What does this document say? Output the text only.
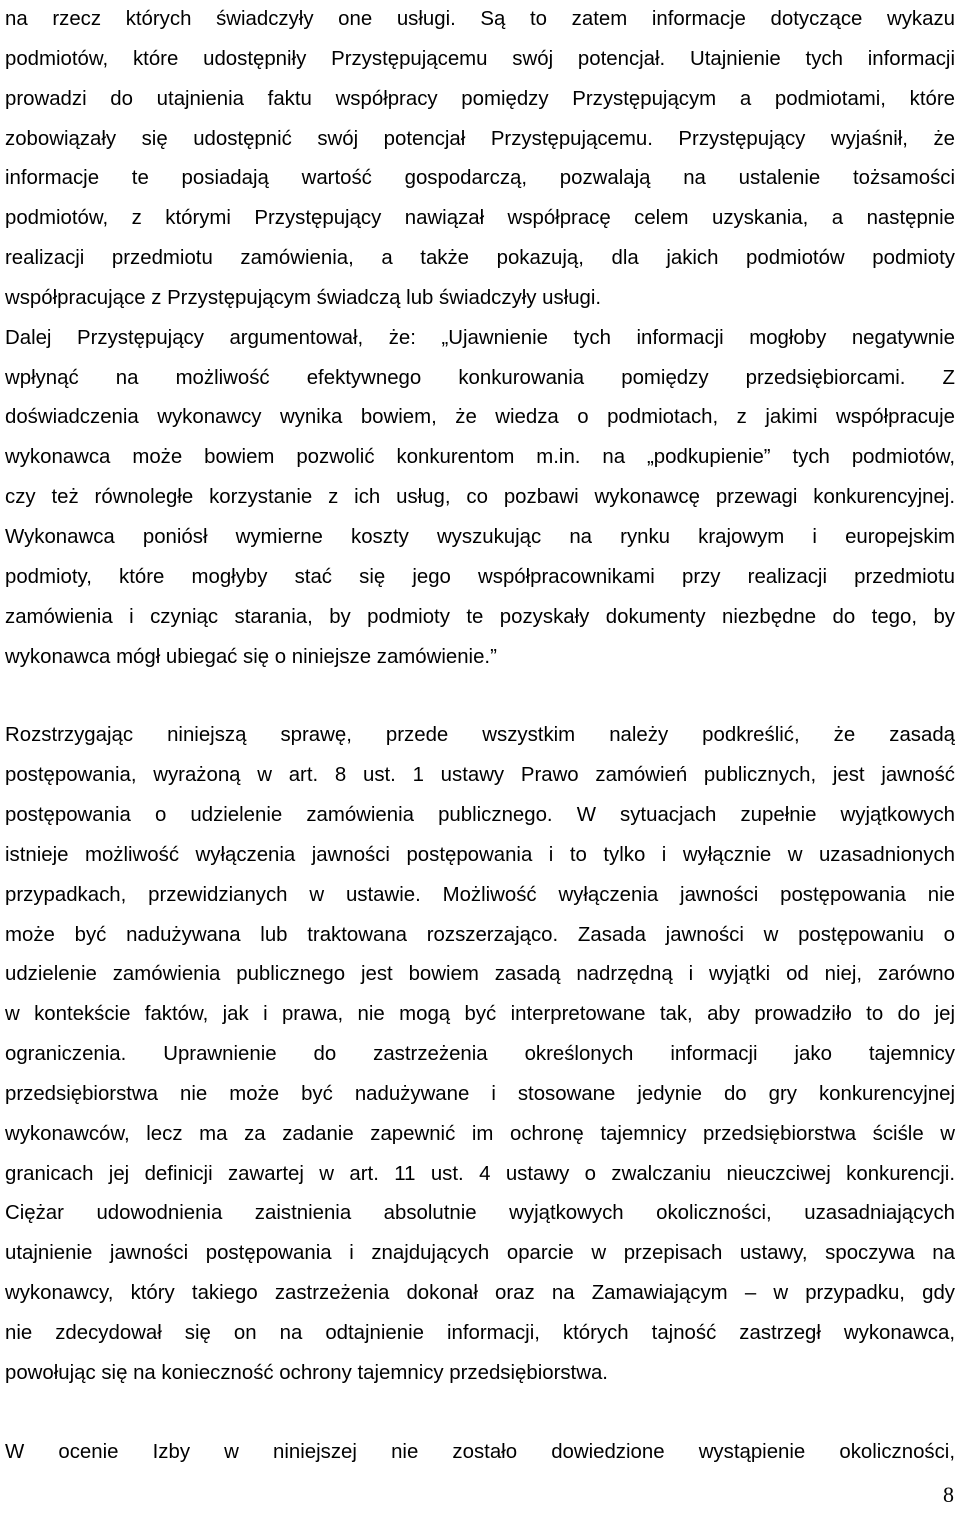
na rzecz których świadczyły one usługi. Są to zatem informacje dotyczące wykazu
podmiotów, które udostępniły Przystępującemu swój potencjał. Utajnienie tych informacji
prowadzi do utajnienia faktu współpracy pomiędzy Przystępującym a podmiotami, które
zobowiązały się udostępnić swój potencjał Przystępującemu. Przystępujący wyjaśnił, że
informacje te posiadają wartość gospodarczą, pozwalają na ustalenie tożsamości
podmiotów, z którymi Przystępujący nawiązał współpracę celem uzyskania, a następnie
realizacji przedmiotu zamówienia, a także pokazują, dla jakich podmiotów podmioty
współpracujące z Przystępującym świadczą lub świadczyły usługi.
Dalej Przystępujący argumentował, że: „Ujawnienie tych informacji mogłoby negatywnie
wpłynąć na możliwość efektywnego konkurowania pomiędzy przedsiębiorcami. Z
doświadczenia wykonawcy wynika bowiem, że wiedza o podmiotach, z jakimi współpracuje
wykonawca może bowiem pozwolić konkurentom m.in. na „podkupienie” tych podmiotów,
czy też równoległe korzystanie z ich usług, co pozbawi wykonawcę przewagi konkurencyjnej.
Wykonawca poniósł wymierne koszty wyszukując na rynku krajowym i europejskim
podmioty, które mogłyby stać się jego współpracownikami przy realizacji przedmiotu
zamówienia i czyniąc starania, by podmioty te pozyskały dokumenty niezbędne do tego, by
wykonawca mógł ubiegać się o niniejsze zamówienie.”
Rozstrzygając niniejszą sprawę, przede wszystkim należy podkreślić, że zasadą
postępowania, wyrażoną w art. 8 ust. 1 ustawy Prawo zamówień publicznych, jest jawność
postępowania o udzielenie zamówienia publicznego. W sytuacjach zupełnie wyjątkowych
istnieje możliwość wyłączenia jawności postępowania i to tylko i wyłącznie w uzasadnionych
przypadkach, przewidzianych w ustawie. Możliwość wyłączenia jawności postępowania nie
może być nadużywana lub traktowana rozszerzająco. Zasada jawności w postępowaniu o
udzielenie zamówienia publicznego jest bowiem zasadą nadrzędną i wyjątki od niej, zarówno
w kontekście faktów, jak i prawa, nie mogą być interpretowane tak, aby prowadziło to do jej
ograniczenia. Uprawnienie do zastrzeżenia określonych informacji jako tajemnicy
przedsiębiorstwa nie może być nadużywane i stosowane jedynie do gry konkurencyjnej
wykonawców, lecz ma za zadanie zapewnić im ochronę tajemnicy przedsiębiorstwa ściśle w
granicach jej definicji zawartej w art. 11 ust. 4 ustawy o zwalczaniu nieuczciwej konkurencji.
Ciężar udowodnienia zaistnienia absolutnie wyjątkowych okoliczności, uzasadniających
utajnienie jawności postępowania i znajdujących oparcie w przepisach ustawy, spoczywa na
wykonawcy, który takiego zastrzeżenia dokonał oraz na Zamawiającym – w przypadku, gdy
nie zdecydował się on na odtajnienie informacji, których tajność zastrzegł wykonawca,
powołując się na konieczność ochrony tajemnicy przedsiębiorstwa.
W ocenie Izby w niniejszej nie zostało dowiedzione wystąpienie okoliczności,
8
